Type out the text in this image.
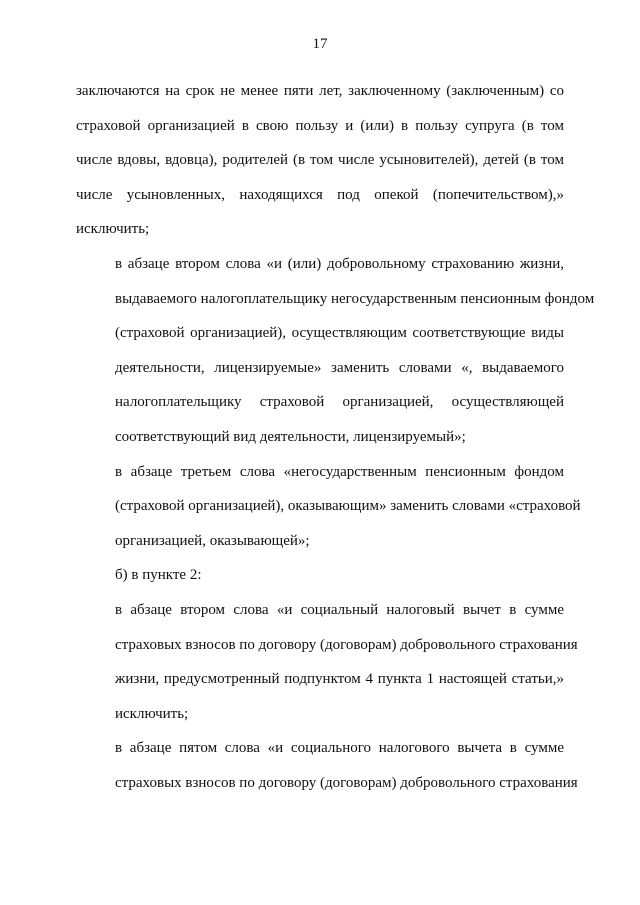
17

заключаются на срок не менее пяти лет, заключенному (заключенным) со
страховой организацией в свою пользу и (или) в пользу супруга (в том
числе вдовы, вдовца), родителей (в том числе усыновителей), детей (в том
числе усыновленных, находящихся под опекой (попечительством),»
исключить;

в абзаце втором слова «и (или) добровольному страхованию жизни,
выдаваемого налогоплательщику негосударственным пенсионным фондом
(страховой организацией), осуществляющим соответствующие виды
деятельности, лицензируемые» заменить словами «, выдаваемого
налогоплательщику страховой организацией, осуществляющей
соответствующий вид деятельности, лицензируемый»;

в абзаце третьем слова «негосударственным пенсионным фондом
(страховой организацией), оказывающим» заменить словами «страховой
организацией, оказывающей»;

б) в пункте 2:

в абзаце втором слова «и социальный налоговый вычет в сумме
страховых взносов по договору (договорам) добровольного страхования
жизни, предусмотренный подпунктом 4 пункта 1 настоящей статьи,»
исключить;

в абзаце пятом слова «и социального налогового вычета в сумме
страховых взносов по договору (договорам) добровольного страхования
